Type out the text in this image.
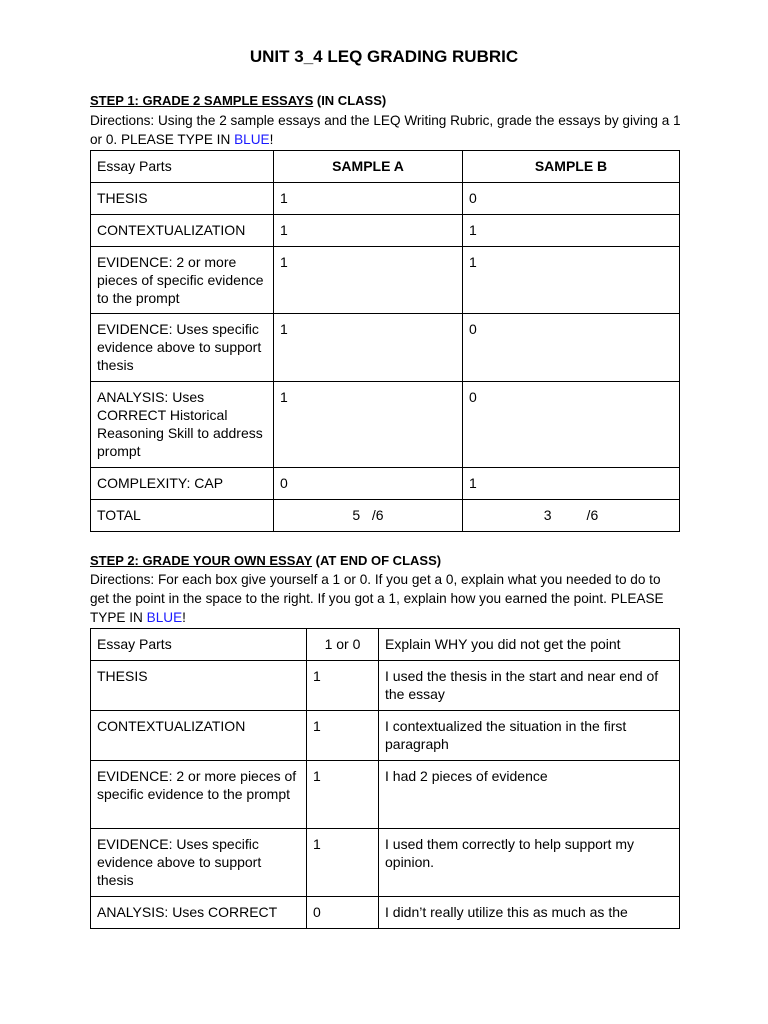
UNIT 3_4 LEQ GRADING RUBRIC
STEP 1: GRADE 2 SAMPLE ESSAYS (IN CLASS)
Directions: Using the 2 sample essays and the LEQ Writing Rubric, grade the essays by giving a 1 or 0. PLEASE TYPE IN BLUE!
Essay Parts	SAMPLE A	SAMPLE B
THESIS	1	0
CONTEXTUALIZATION	1	1
EVIDENCE: 2 or more pieces of specific evidence to the prompt	1	1
EVIDENCE: Uses specific evidence above to support thesis	1	0
ANALYSIS: Uses CORRECT Historical Reasoning Skill to address prompt	1	0
COMPLEXITY: CAP	0	1
TOTAL	5   /6	3         /6
STEP 2: GRADE YOUR OWN ESSAY (AT END OF CLASS)
Directions: For each box give yourself a 1 or 0. If you get a 0, explain what you needed to do to get the point in the space to the right. If you got a 1, explain how you earned the point. PLEASE TYPE IN BLUE!
Essay Parts	1 or 0	Explain WHY you did not get the point
THESIS	1	I used the thesis in the start and near end of the essay
CONTEXTUALIZATION	1	I contextualized the situation in the first paragraph
EVIDENCE: 2 or more pieces of specific evidence to the prompt	1	I had 2 pieces of evidence
EVIDENCE: Uses specific evidence above to support thesis	1	I used them correctly to help support my opinion.
ANALYSIS: Uses CORRECT	0	I didn’t really utilize this as much as the
